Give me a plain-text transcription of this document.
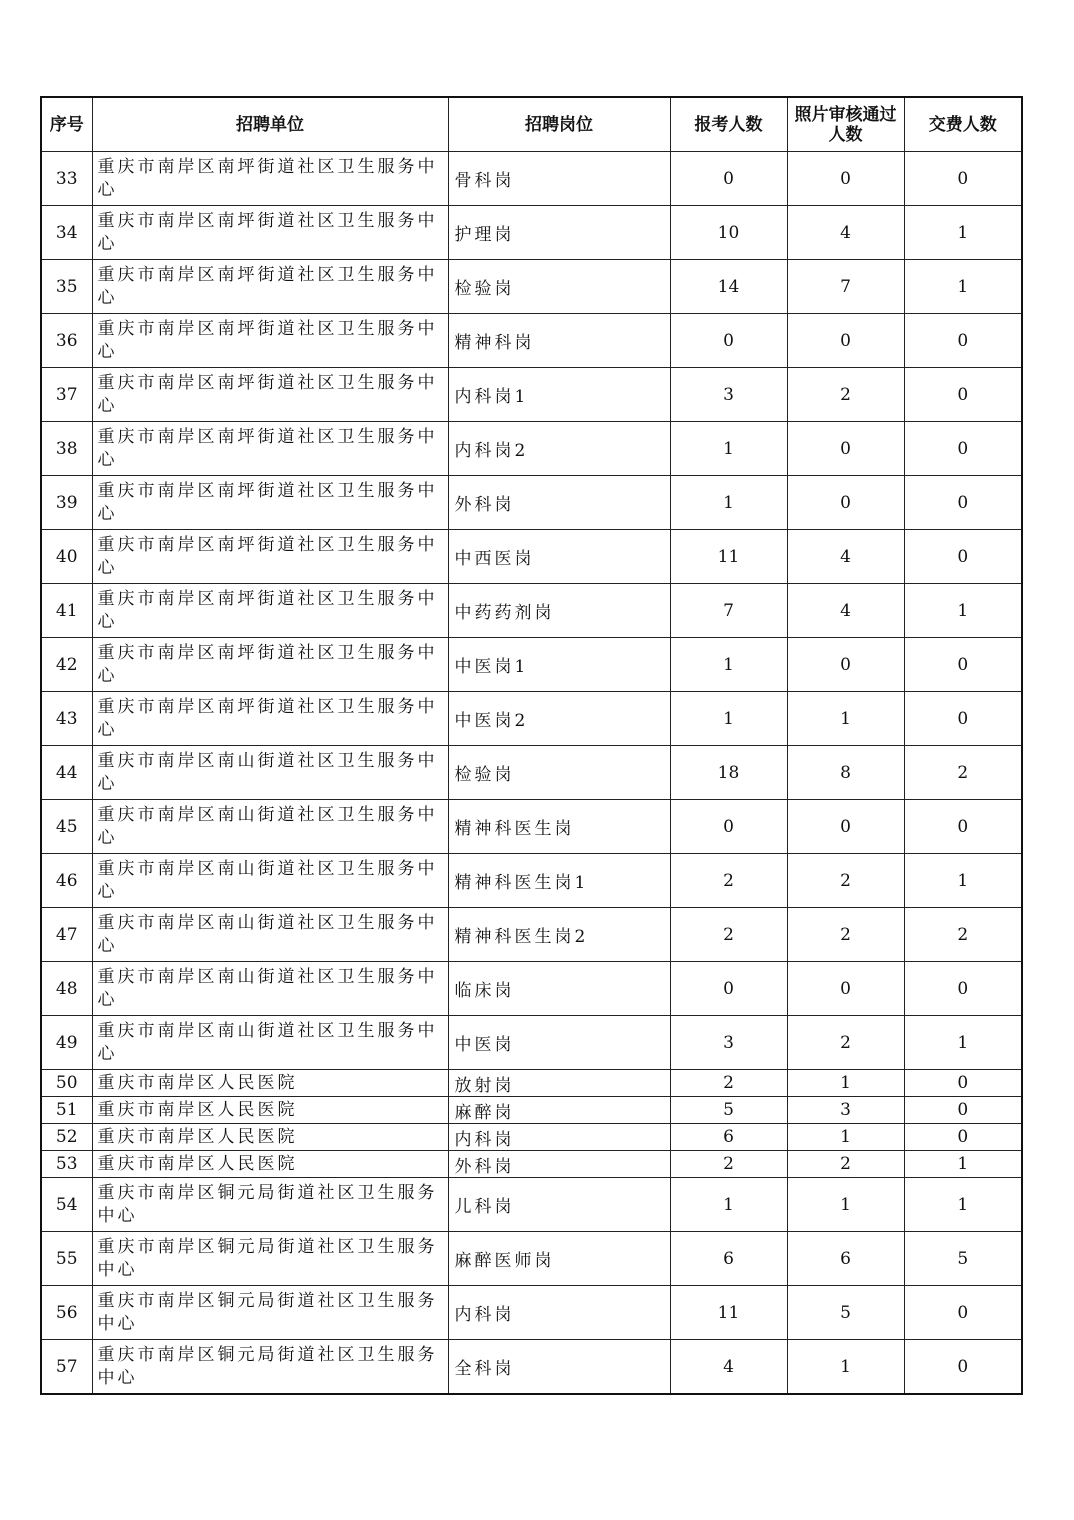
序号	招聘单位	招聘岗位	报考人数	照片审核通过人数	交费人数
33	重庆市南岸区南坪街道社区卫生服务中心	骨科岗	0	0	0
34	重庆市南岸区南坪街道社区卫生服务中心	护理岗	10	4	1
35	重庆市南岸区南坪街道社区卫生服务中心	检验岗	14	7	1
36	重庆市南岸区南坪街道社区卫生服务中心	精神科岗	0	0	0
37	重庆市南岸区南坪街道社区卫生服务中心	内科岗1	3	2	0
38	重庆市南岸区南坪街道社区卫生服务中心	内科岗2	1	0	0
39	重庆市南岸区南坪街道社区卫生服务中心	外科岗	1	0	0
40	重庆市南岸区南坪街道社区卫生服务中心	中西医岗	11	4	0
41	重庆市南岸区南坪街道社区卫生服务中心	中药药剂岗	7	4	1
42	重庆市南岸区南坪街道社区卫生服务中心	中医岗1	1	0	0
43	重庆市南岸区南坪街道社区卫生服务中心	中医岗2	1	1	0
44	重庆市南岸区南山街道社区卫生服务中心	检验岗	18	8	2
45	重庆市南岸区南山街道社区卫生服务中心	精神科医生岗	0	0	0
46	重庆市南岸区南山街道社区卫生服务中心	精神科医生岗1	2	2	1
47	重庆市南岸区南山街道社区卫生服务中心	精神科医生岗2	2	2	2
48	重庆市南岸区南山街道社区卫生服务中心	临床岗	0	0	0
49	重庆市南岸区南山街道社区卫生服务中心	中医岗	3	2	1
50	重庆市南岸区人民医院	放射岗	2	1	0
51	重庆市南岸区人民医院	麻醉岗	5	3	0
52	重庆市南岸区人民医院	内科岗	6	1	0
53	重庆市南岸区人民医院	外科岗	2	2	1
54	重庆市南岸区铜元局街道社区卫生服务中心	儿科岗	1	1	1
55	重庆市南岸区铜元局街道社区卫生服务中心	麻醉医师岗	6	6	5
56	重庆市南岸区铜元局街道社区卫生服务中心	内科岗	11	5	0
57	重庆市南岸区铜元局街道社区卫生服务中心	全科岗	4	1	0
